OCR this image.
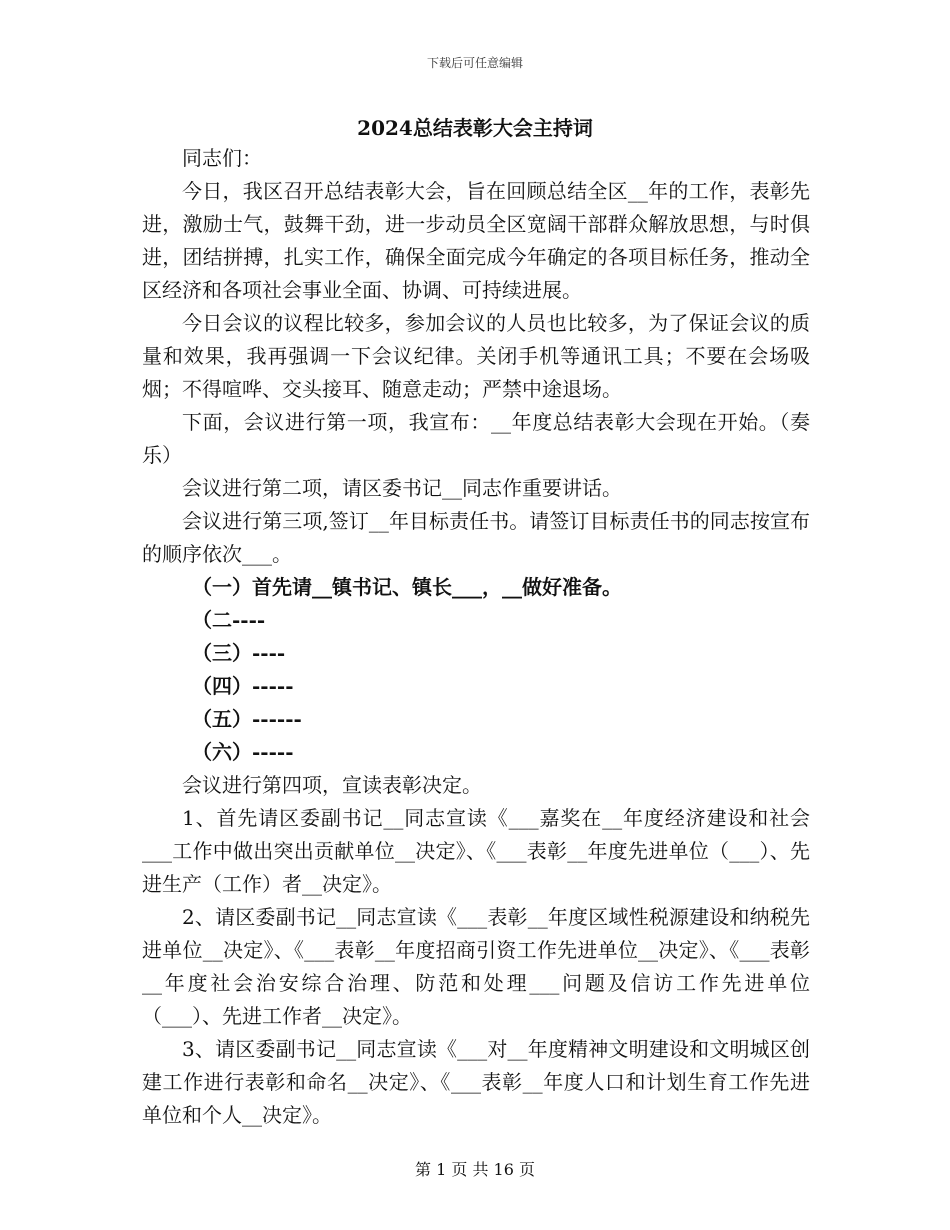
下载后可任意编辑
2024总结表彰大会主持词

同志们：

今日，我区召开总结表彰大会，旨在回顾总结全区__年的工作，表彰先进，激励士气，鼓舞干劲，进一步动员全区宽阔干部群众解放思想，与时俱进，团结拼搏，扎实工作，确保全面完成今年确定的各项目标任务，推动全区经济和各项社会事业全面、协调、可持续进展。

今日会议的议程比较多，参加会议的人员也比较多，为了保证会议的质量和效果，我再强调一下会议纪律。关闭手机等通讯工具；不要在会场吸烟；不得喧哗、交头接耳、随意走动；严禁中途退场。

下面，会议进行第一项，我宣布：__年度总结表彰大会现在开始。（奏乐）

会议进行第二项，请区委书记__同志作重要讲话。

会议进行第三项,签订__年目标责任书。请签订目标责任书的同志按宣布的顺序依次___。

（一）首先请__镇书记、镇长___，__做好准备。

（二----

（三）----

（四）-----

（五）------

（六）-----

会议进行第四项，宣读表彰决定。

1、首先请区委副书记__同志宣读《___嘉奖在__年度经济建设和社会___工作中做出突出贡献单位__决定》、《___表彰__年度先进单位（___）、先进生产（工作）者__决定》。

2、请区委副书记__同志宣读《___表彰__年度区域性税源建设和纳税先进单位__决定》、《___表彰__年度招商引资工作先进单位__决定》、《___表彰__年度社会治安综合治理、防范和处理___问题及信访工作先进单位（___）、先进工作者__决定》。

3、请区委副书记__同志宣读《___对__年度精神文明建设和文明城区创建工作进行表彰和命名__决定》、《___表彰__年度人口和计划生育工作先进单位和个人__决定》。

第 1 页 共 16 页
